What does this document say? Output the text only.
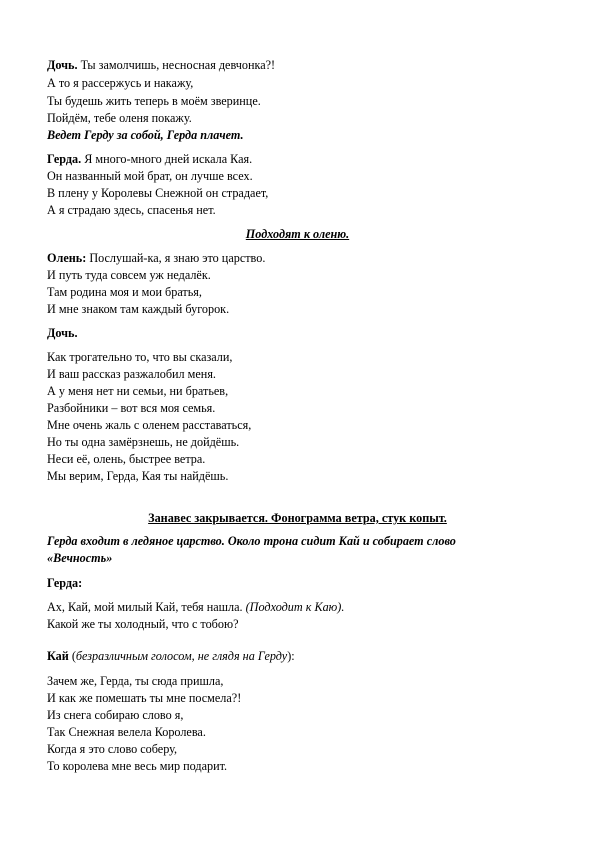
Дочь. Ты замолчишь, несносная девчонка?!
А то я рассержусь и накажу,
Ты будешь жить теперь в моём зверинце.
Пойдём, тебе оленя покажу.
Ведет Герду за собой, Герда плачет.
Герда. Я много-много дней искала Кая.
Он названный мой брат, он лучше всех.
В плену у Королевы Снежной он страдает,
А я страдаю здесь, спасенья нет.
Подходят к оленю.
Олень: Послушай-ка, я знаю это царство.
И путь туда совсем уж недалёк.
Там родина моя и мои братья,
И мне знаком там каждый бугорок.
Дочь.
Как трогательно то, что вы сказали,
И ваш рассказ разжалобил меня.
А у меня нет ни семьи, ни братьев,
Разбойники – вот вся моя семья.
Мне очень жаль с оленем расставаться,
Но ты одна замёрзнешь, не дойдёшь.
Неси её, олень, быстрее ветра.
Мы верим, Герда, Кая ты найдёшь.
Занавес закрывается. Фонограмма ветра, стук копыт.
Герда входит в ледяное царство. Около трона сидит Кай и собирает слово
«Вечность»
Герда:
Ах, Кай, мой милый Кай, тебя нашла. (Подходит к Каю).
Какой же ты холодный, что с тобою?
Кай (безразличным голосом, не глядя на Герду):
Зачем же, Герда, ты сюда пришла,
И как же помешать ты мне посмела?!
Из снега собираю слово я,
Так Снежная велела Королева.
Когда я это слово соберу,
То королева мне весь мир подарит.
